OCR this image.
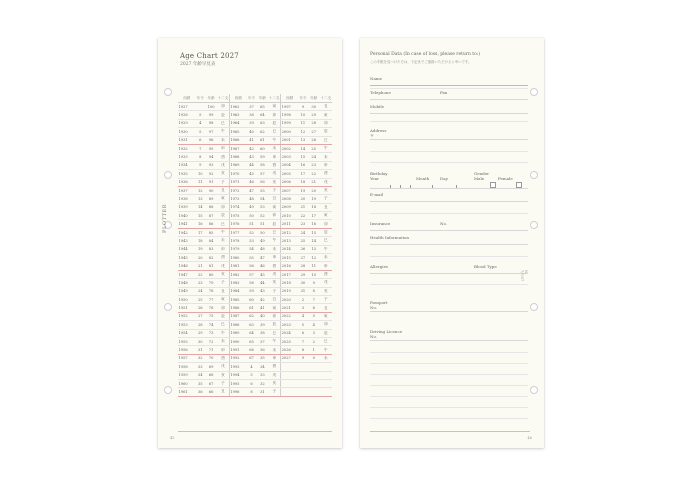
Age Chart 2027
2027 年齢早見表
PLOTTER
西暦	年令	年齢	十二支	西暦	年令	年齢	十二支	西暦	年令	年齢	十二支
1927		100	卯	1962	37	65	寅	1997	9	30	丑
1928	5	99	辰	1963	38	64	卯	1998	10	29	寅
1929	4	98	巳	1964	39	63	辰	1999	11	28	卯
1930	5	97	午	1965	40	62	巳	2000	12	27	辰
1931	6	96	未	1966	41	61	午	2001	13	26	巳
1932	7	95	申	1967	42	60	未	2002	14	25	午
1933	8	94	酉	1968	43	59	申	2003	15	24	未
1934	9	93	戌	1969	44	58	酉	2004	16	23	申
1935	10	92	亥	1970	45	57	戌	2005	17	22	酉
1936	11	91	子	1971	46	56	亥	2006	18	21	戌
1937	12	90	丑	1972	47	55	子	2007	19	20	亥
1938	13	89	寅	1973	48	54	丑	2008	20	19	子
1939	14	88	卯	1974	49	53	寅	2009	21	18	丑
1940	15	87	辰	1975	50	52	卯	2010	22	17	寅
1941	16	86	巳	1976	51	51	辰	2011	23	16	卯
1942	17	85	午	1977	52	50	巳	2012	24	15	辰
1943	18	84	未	1978	53	49	午	2013	25	14	巳
1944	19	83	申	1979	54	48	未	2014	26	13	午
1945	20	82	酉	1980	55	47	申	2015	27	12	未
1946	21	81	戌	1981	56	46	酉	2016	28	11	申
1947	22	80	亥	1982	57	45	戌	2017	29	10	酉
1948	23	79	子	1983	58	44	亥	2018	30	9	戌
1949	24	78	丑	1984	59	43	子	2019	31	8	亥
1950	25	77	寅	1985	60	42	丑	2020	2	7	子
1951	26	76	卯	1986	61	41	寅	2021	3	6	丑
1952	27	75	辰	1987	62	40	卯	2022	4	5	寅
1953	28	74	巳	1988	63	39	辰	2023	5	4	卯
1954	29	73	午	1989	64	38	巳	2024	6	3	辰
1955	30	72	未	1990	65	37	午	2025	7	2	巳
1956	31	71	申	1991	66	36	未	2026	8	1	午
1957	32	70	酉	1992	67	35	申	2027	9	0	未
1958	33	69	戌	1993	4	34	酉				
1959	34	68	亥	1994	5	33	戌				
1960	35	67	子	1995	6	32	亥				
1961	36	66	丑	1996	8	31	子				
45
Personal Data (In case of loss, please return to:)
この手帳を見つけた方は、下記までご連絡いただけると幸いです。
Name
Telephone	Fax
Mobile
Address
〒
Birthday
Year	Month	Day
Gender
Male	Female
E-mail
Insurance	No.
Health Information
Allergies	Blood Type
Passport
No.
Driving Licence
No.
N. 7/7/07
46
